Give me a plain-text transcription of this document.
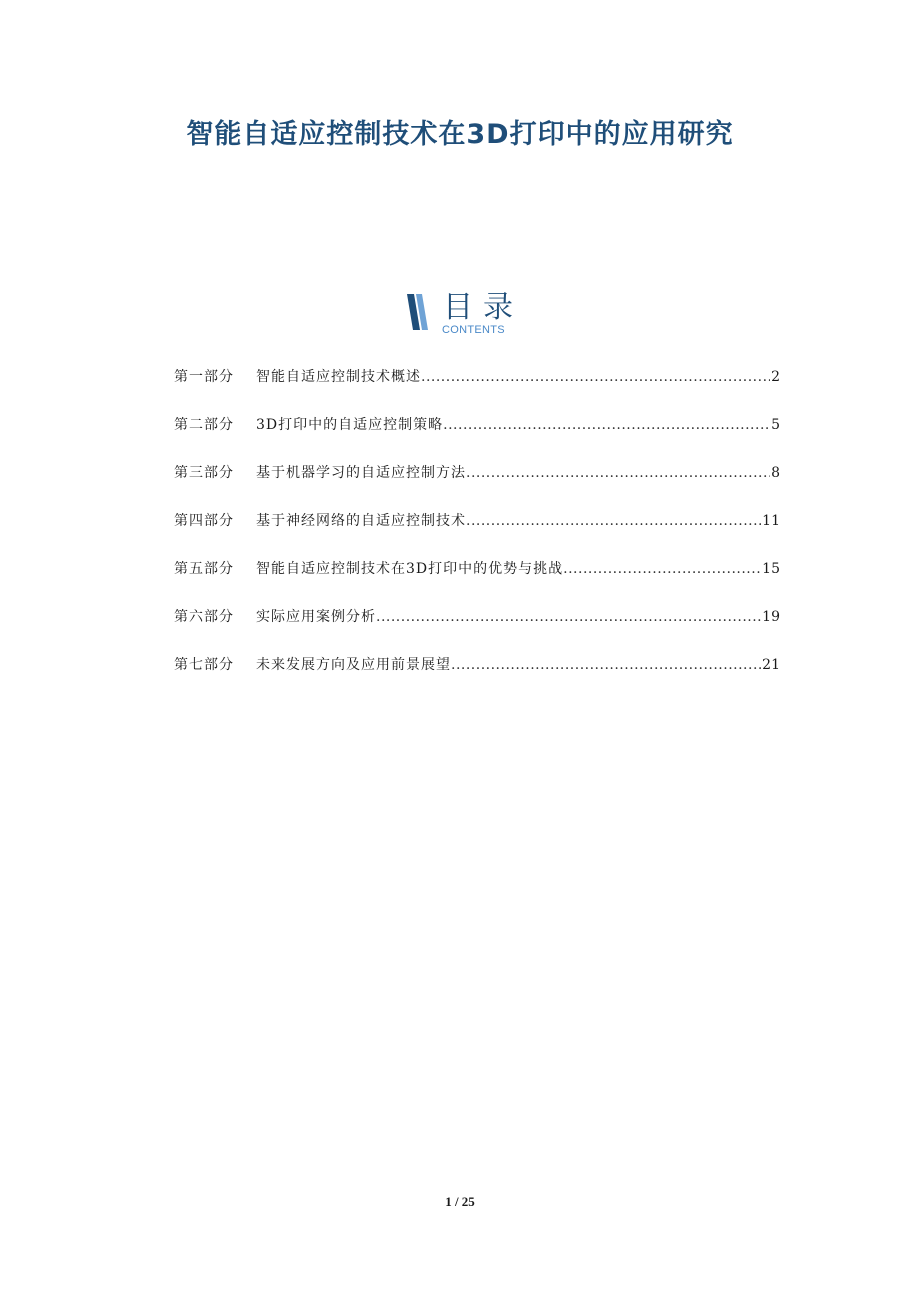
智能自适应控制技术在3D打印中的应用研究
目录
CONTENTS
第一部分	智能自适应控制技术概述 .....	2
第二部分	3D打印中的自适应控制策略 .....	5
第三部分	基于机器学习的自适应控制方法 .....	8
第四部分	基于神经网络的自适应控制技术 .....	11
第五部分	智能自适应控制技术在3D打印中的优势与挑战 .....	15
第六部分	实际应用案例分析 .....	19
第七部分	未来发展方向及应用前景展望 .....	21
1 / 25
